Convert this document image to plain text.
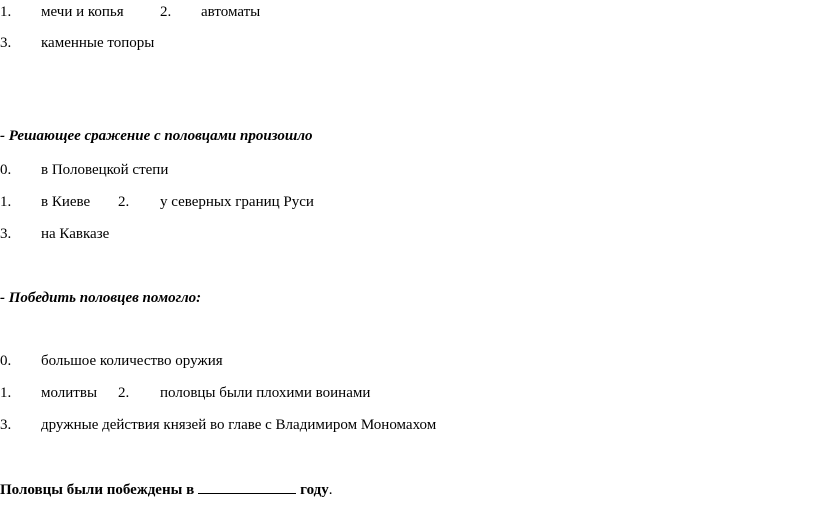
1. мечи и копья 2. автоматы
3. каменные топоры
- Решающее сражение с половцами произошло
0. в Половецкой степи
1. в Киеве 2. у северных границ Руси
3. на Кавказе
- Победить половцев помогло:
0. большое количество оружия
1. молитвы 2. половцы были плохими воинами
3. дружные действия князей во главе с Владимиром Мономахом
Половцы были побеждены в	году.
